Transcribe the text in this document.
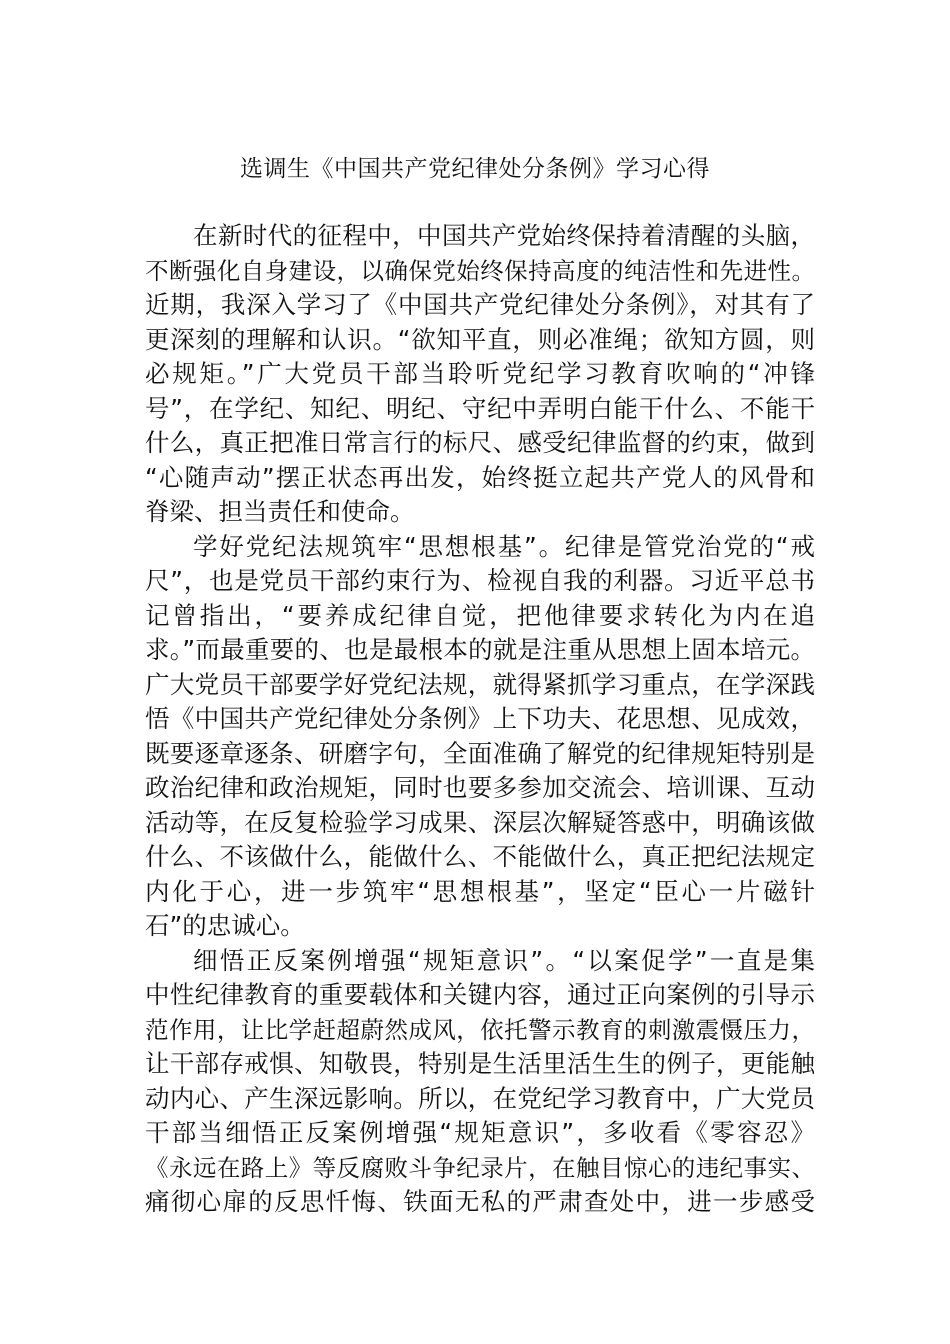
选调生《中国共产党纪律处分条例》学习心得
在新时代的征程中，中国共产党始终保持着清醒的头脑，
不断强化自身建设，以确保党始终保持高度的纯洁性和先进性。
近期，我深入学习了《中国共产党纪律处分条例》，对其有了
更深刻的理解和认识。“欲知平直，则必准绳；欲知方圆，则
必规矩。”广大党员干部当聆听党纪学习教育吹响的“冲锋
号”，在学纪、知纪、明纪、守纪中弄明白能干什么、不能干
什么，真正把准日常言行的标尺、感受纪律监督的约束，做到
“心随声动”摆正状态再出发，始终挺立起共产党人的风骨和
脊梁、担当责任和使命。
学好党纪法规筑牢“思想根基”。纪律是管党治党的“戒
尺”，也是党员干部约束行为、检视自我的利器。习近平总书
记曾指出，“要养成纪律自觉，把他律要求转化为内在追
求。”而最重要的、也是最根本的就是注重从思想上固本培元。
广大党员干部要学好党纪法规，就得紧抓学习重点，在学深践
悟《中国共产党纪律处分条例》上下功夫、花思想、见成效，
既要逐章逐条、研磨字句，全面准确了解党的纪律规矩特别是
政治纪律和政治规矩，同时也要多参加交流会、培训课、互动
活动等，在反复检验学习成果、深层次解疑答惑中，明确该做
什么、不该做什么，能做什么、不能做什么，真正把纪法规定
内化于心，进一步筑牢“思想根基”，坚定“臣心一片磁针
石”的忠诚心。
细悟正反案例增强“规矩意识”。“以案促学”一直是集
中性纪律教育的重要载体和关键内容，通过正向案例的引导示
范作用，让比学赶超蔚然成风，依托警示教育的刺激震慑压力，
让干部存戒惧、知敬畏，特别是生活里活生生的例子，更能触
动内心、产生深远影响。所以，在党纪学习教育中，广大党员
干部当细悟正反案例增强“规矩意识”，多收看《零容忍》
《永远在路上》等反腐败斗争纪录片，在触目惊心的违纪事实、
痛彻心扉的反思忏悔、铁面无私的严肃查处中，进一步感受
